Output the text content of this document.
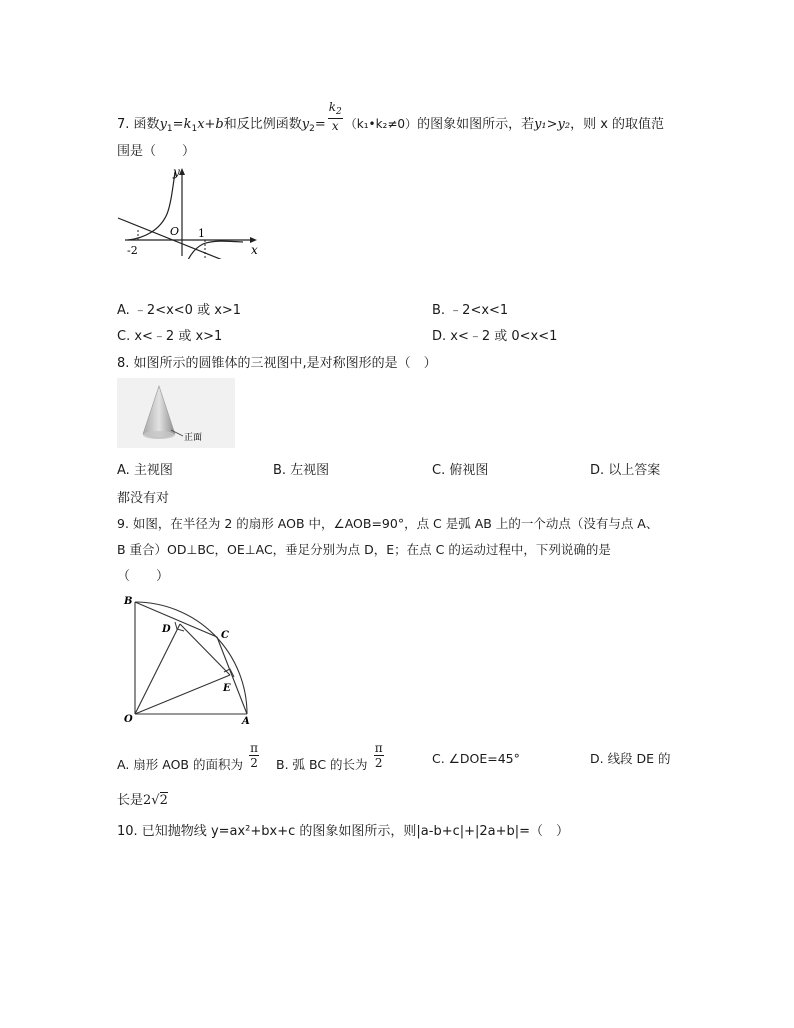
7. 函数$y_1=k_1x+b$和反比例函数$y_2= \frac{k_2}{x}$ （k₁•k₂≠0）的图象如图所示，若y₁>y₂，则 x 的取值范
围是（　　）
y
x
O 1
-2
A. ﹣2<x<0 或 x>1	B. ﹣2<x<1
C. x<﹣2 或 x>1	D. x<﹣2 或 0<x<1
8. 如图所示的圆锥体的三视图中,是对称图形的是（　）
正面
A. 主视图	B. 左视图	C. 俯视图	D. 以上答案
都没有对
9. 如图，在半径为 2 的扇形 AOB 中，∠AOB=90°，点 C 是弧 AB 上的一个动点（没有与点 A、
B 重合）OD⊥BC，OE⊥AC，垂足分别为点 D，E；在点 C 的运动过程中，下列说确的是
（　　）
B
D
C
E
O	A
A. 扇形 AOB 的面积为 $\frac{\pi}{2} B$. 弧 BC 的长为 $\frac{\pi}{2}$	C. ∠DOE=45°	D. 线段 DE 的
长是2√2
10. 已知抛物线 y=ax²+bx+c 的图象如图所示，则|a-b+c|+|2a+b|=（　）
